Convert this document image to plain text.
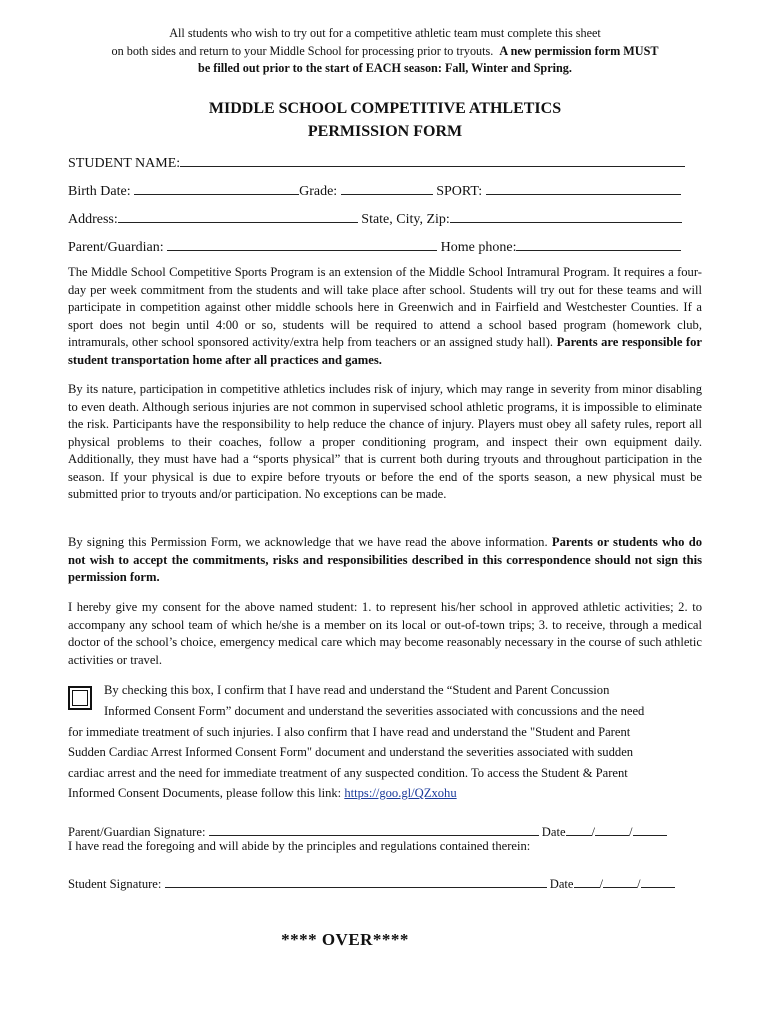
All students who wish to try out for a competitive athletic team must complete this sheet
on both sides and return to your Middle School for processing prior to tryouts. A new permission form MUST
be filled out prior to the start of EACH season: Fall, Winter and Spring.
MIDDLE SCHOOL COMPETITIVE ATHLETICS
PERMISSION FORM
STUDENT NAME:
Birth Date:	Grade:	SPORT:
Address:	State, City, Zip:
Parent/Guardian:	Home phone:
The Middle School Competitive Sports Program is an extension of the Middle School Intramural Program. It requires a four-day per week commitment from the students and will take place after school. Students will try out for these teams and will participate in competition against other middle schools here in Greenwich and in Fairfield and Westchester Counties. If a sport does not begin until 4:00 or so, students will be required to attend a school based program (homework club, intramurals, other school sponsored activity/extra help from teachers or an assigned study hall). Parents are responsible for student transportation home after all practices and games.
By its nature, participation in competitive athletics includes risk of injury, which may range in severity from minor disabling to even death. Although serious injuries are not common in supervised school athletic programs, it is impossible to eliminate the risk. Participants have the responsibility to help reduce the chance of injury. Players must obey all safety rules, report all physical problems to their coaches, follow a proper conditioning program, and inspect their own equipment daily. Additionally, they must have had a “sports physical” that is current both during tryouts and throughout participation in the season. If your physical is due to expire before tryouts or before the end of the sports season, a new physical must be submitted prior to tryouts and/or participation. No exceptions can be made.
By signing this Permission Form, we acknowledge that we have read the above information. Parents or students who do not wish to accept the commitments, risks and responsibilities described in this correspondence should not sign this permission form.
I hereby give my consent for the above named student: 1. to represent his/her school in approved athletic activities; 2. to accompany any school team of which he/she is a member on its local or out-of-town trips; 3. to receive, through a medical doctor of the school’s choice, emergency medical care which may become reasonably necessary in the course of such athletic activities or travel.
By checking this box, I confirm that I have read and understand the “Student and Parent Concussion
Informed Consent Form” document and understand the severities associated with concussions and the need
for immediate treatment of such injuries. I also confirm that I have read and understand the "Student and Parent
Sudden Cardiac Arrest Informed Consent Form" document and understand the severities associated with sudden
cardiac arrest and the need for immediate treatment of any suspected condition. To access the Student & Parent
Informed Consent Documents, please follow this link: https://goo.gl/QZxohu
Parent/Guardian Signature:	Date /	/
I have read the foregoing and will abide by the principles and regulations contained therein:
Student Signature:	Date /	/
**** OVER****
